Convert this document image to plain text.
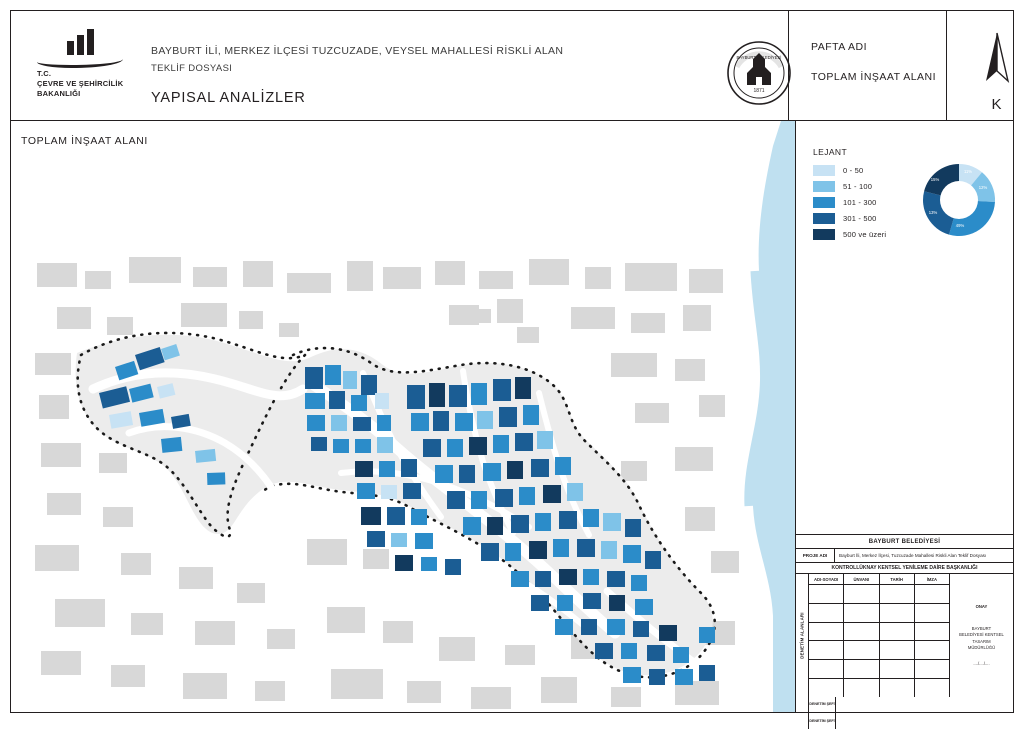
T.C.
ÇEVRE VE ŞEHİRCİLİK
BAKANLIĞI
BAYBURT İLİ, MERKEZ İLÇESİ TUZCUZADE, VEYSEL MAHALLESİ RİSKLİ ALAN
TEKLİF DOSYASI
YAPISAL ANALİZLER
BAYBURT BELEDİYESİ
1871
PAFTA ADI
TOPLAM İNŞAAT ALANI
K
TOPLAM İNŞAAT ALANI
LEJANT
0 - 50
51 - 100
101 - 300
301 - 500
500 ve üzeri
11%
12%
49%
13%
15%
BAYBURT BELEDİYESİ
PROJE ADI	Bayburt İli, Merkez İlçesi, Tuzcuzade Mahallesi Riskli Alan Teklif Dosyası
KONTROLLÜKNAY KENTSEL YENİLEME DAİRE BAŞKANLIĞI
DENETİM ALANLARI
ADI-SOYADI	ÜNVANI	TARİH	İMZA
ONAY
BAYBURT
BELEDİYESİ KENTSEL
TASARIM
MÜDÜRLÜĞÜ
..../..../....
DENETİM ŞEFİ
DENETİM ŞEFİ
